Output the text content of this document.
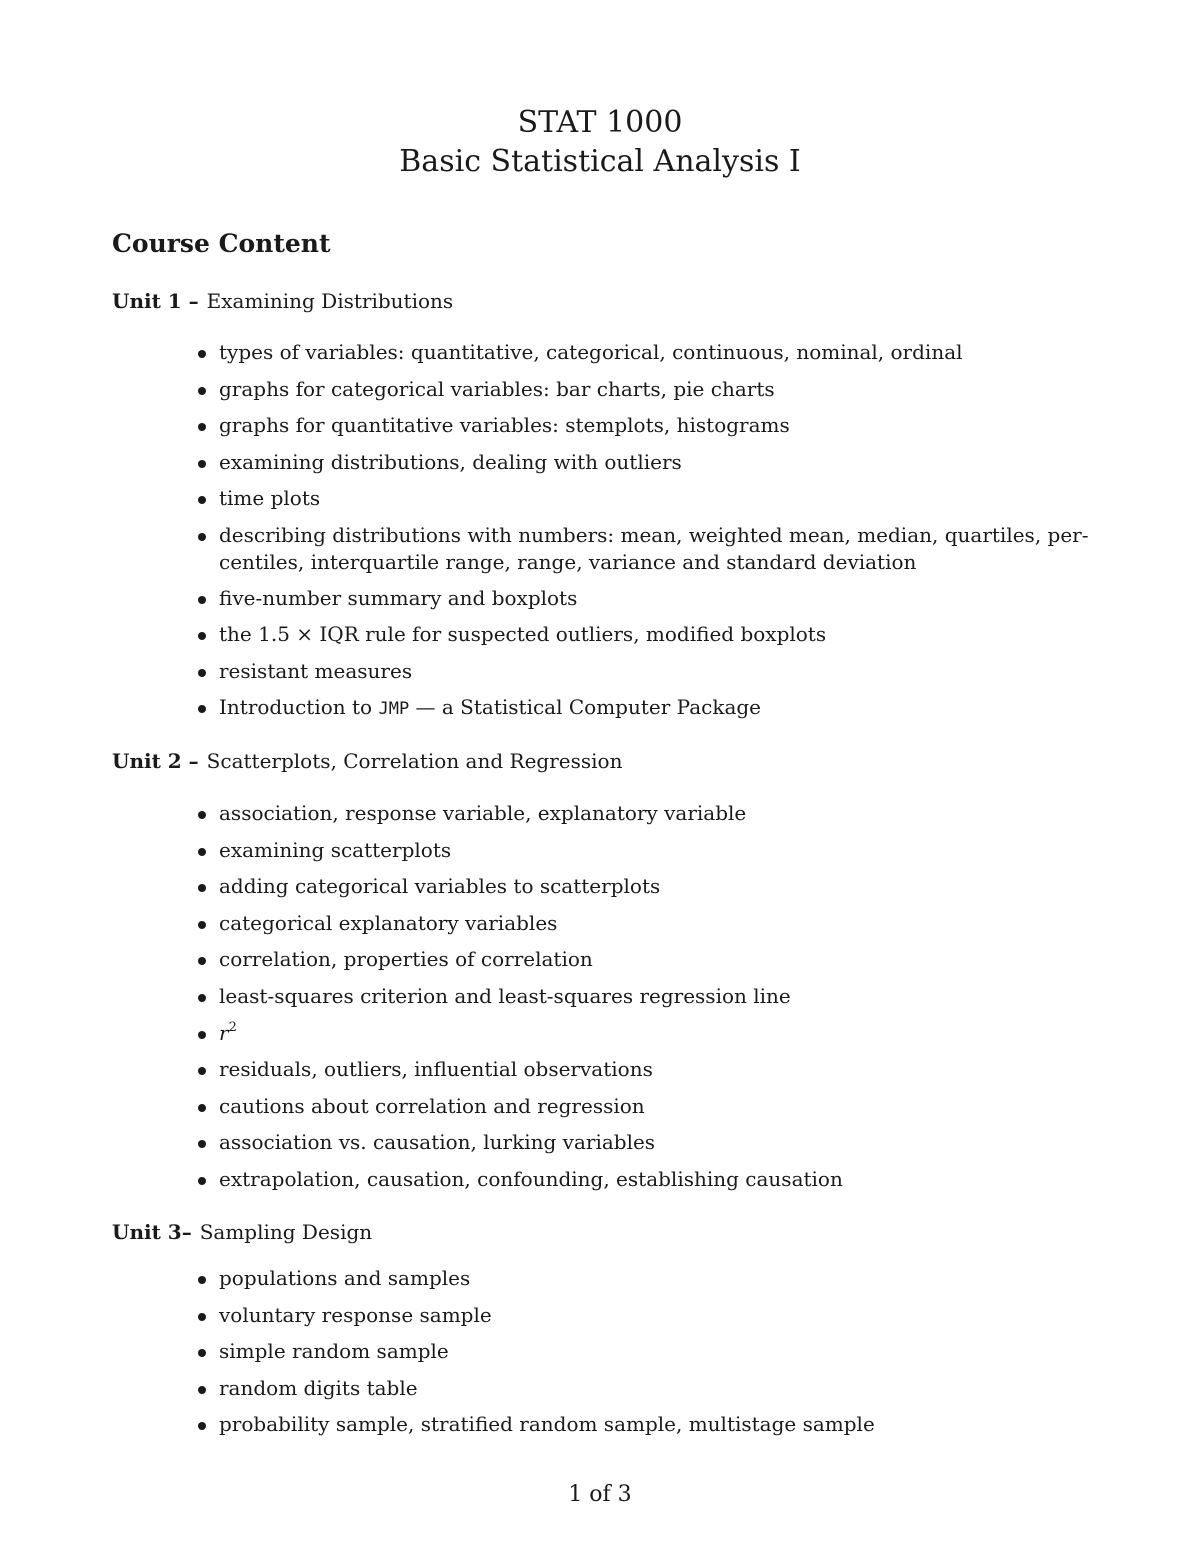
STAT 1000
Basic Statistical Analysis I
Course Content

Unit 1 – Examining Distributions

types of variables: quantitative, categorical, continuous, nominal, ordinal
graphs for categorical variables: bar charts, pie charts
graphs for quantitative variables: stemplots, histograms
examining distributions, dealing with outliers
time plots
describing distributions with numbers: mean, weighted mean, median, quartiles, per-
centiles, interquartile range, range, variance and standard deviation
five-number summary and boxplots
the 1.5 × IQR rule for suspected outliers, modified boxplots
resistant measures
Introduction to JMP — a Statistical Computer Package

Unit 2 – Scatterplots, Correlation and Regression

association, response variable, explanatory variable
examining scatterplots
adding categorical variables to scatterplots
categorical explanatory variables
correlation, properties of correlation
least-squares criterion and least-squares regression line
$r^2$
residuals, outliers, influential observations
cautions about correlation and regression
association vs. causation, lurking variables
extrapolation, causation, confounding, establishing causation

Unit 3– Sampling Design

populations and samples
voluntary response sample
simple random sample
random digits table
probability sample, stratified random sample, multistage sample
1 of 3
